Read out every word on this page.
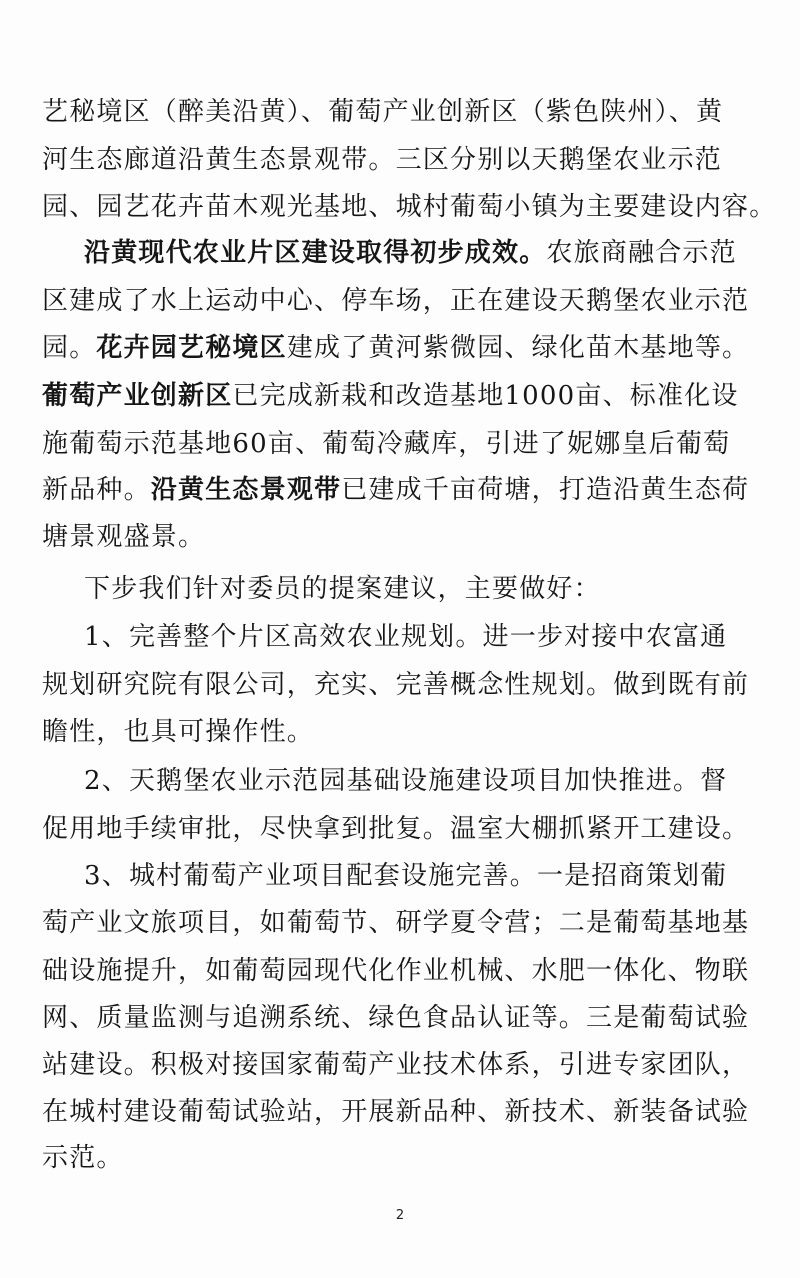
艺秘境区（醉美沿黄）、葡萄产业创新区（紫色陕州）、黄
河生态廊道沿黄生态景观带。三区分别以天鹅堡农业示范
园、园艺花卉苗木观光基地、城村葡萄小镇为主要建设内容。
沿黄现代农业片区建设取得初步成效。农旅商融合示范
区建成了水上运动中心、停车场，正在建设天鹅堡农业示范
园。花卉园艺秘境区建成了黄河紫微园、绿化苗木基地等。
葡萄产业创新区已完成新栽和改造基地1000亩、标准化设
施葡萄示范基地60亩、葡萄冷藏库，引进了妮娜皇后葡萄
新品种。沿黄生态景观带已建成千亩荷塘，打造沿黄生态荷
塘景观盛景。
下步我们针对委员的提案建议，主要做好：
1、完善整个片区高效农业规划。进一步对接中农富通
规划研究院有限公司，充实、完善概念性规划。做到既有前
瞻性，也具可操作性。
2、天鹅堡农业示范园基础设施建设项目加快推进。督
促用地手续审批，尽快拿到批复。温室大棚抓紧开工建设。
3、城村葡萄产业项目配套设施完善。一是招商策划葡
萄产业文旅项目，如葡萄节、研学夏令营；二是葡萄基地基
础设施提升，如葡萄园现代化作业机械、水肥一体化、物联
网、质量监测与追溯系统、绿色食品认证等。三是葡萄试验
站建设。积极对接国家葡萄产业技术体系，引进专家团队，
在城村建设葡萄试验站，开展新品种、新技术、新装备试验
示范。
2
